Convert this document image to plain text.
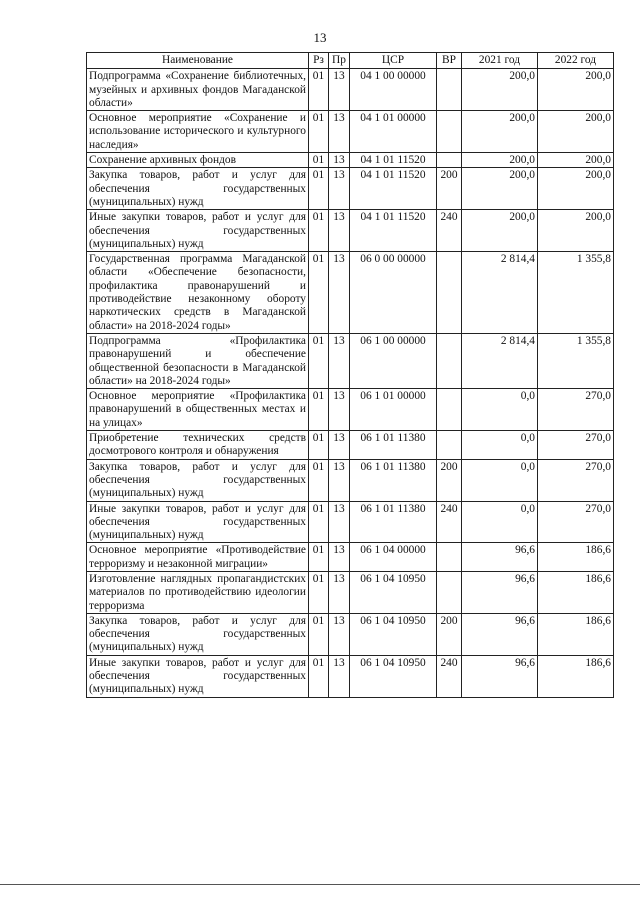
13
Наименование	Рз	Пр	ЦСР	ВР	2021 год	2022 год
Подпрограмма «Сохранение библиотечных, музейных и архивных фондов Магаданской области»	01	13	04 1 00 00000		200,0	200,0
Основное мероприятие «Сохранение и использование исторического и культурного наследия»	01	13	04 1 01 00000		200,0	200,0
Сохранение архивных фондов	01	13	04 1 01 11520		200,0	200,0
Закупка товаров, работ и услуг для обеспечения государственных (муниципальных) нужд	01	13	04 1 01 11520	200	200,0	200,0
Иные закупки товаров, работ и услуг для обеспечения государственных (муниципальных) нужд	01	13	04 1 01 11520	240	200,0	200,0
Государственная программа Магаданской области «Обеспечение безопасности, профилактика правонарушений и противодействие незаконному обороту наркотических средств в Магаданской области» на 2018-2024 годы»	01	13	06 0 00 00000		2 814,4	1 355,8
Подпрограмма «Профилактика правонарушений и обеспечение общественной безопасности в Магаданской области» на 2018-2024 годы»	01	13	06 1 00 00000		2 814,4	1 355,8
Основное мероприятие «Профилактика правонарушений в общественных местах и на улицах»	01	13	06 1 01 00000		0,0	270,0
Приобретение технических средств досмотрового контроля и обнаружения	01	13	06 1 01 11380		0,0	270,0
Закупка товаров, работ и услуг для обеспечения государственных (муниципальных) нужд	01	13	06 1 01 11380	200	0,0	270,0
Иные закупки товаров, работ и услуг для обеспечения государственных (муниципальных) нужд	01	13	06 1 01 11380	240	0,0	270,0
Основное мероприятие «Противодействие терроризму и незаконной миграции»	01	13	06 1 04 00000		96,6	186,6
Изготовление наглядных пропагандистских материалов по противодействию идеологии терроризма	01	13	06 1 04 10950		96,6	186,6
Закупка товаров, работ и услуг для обеспечения государственных (муниципальных) нужд	01	13	06 1 04 10950	200	96,6	186,6
Иные закупки товаров, работ и услуг для обеспечения государственных (муниципальных) нужд	01	13	06 1 04 10950	240	96,6	186,6
